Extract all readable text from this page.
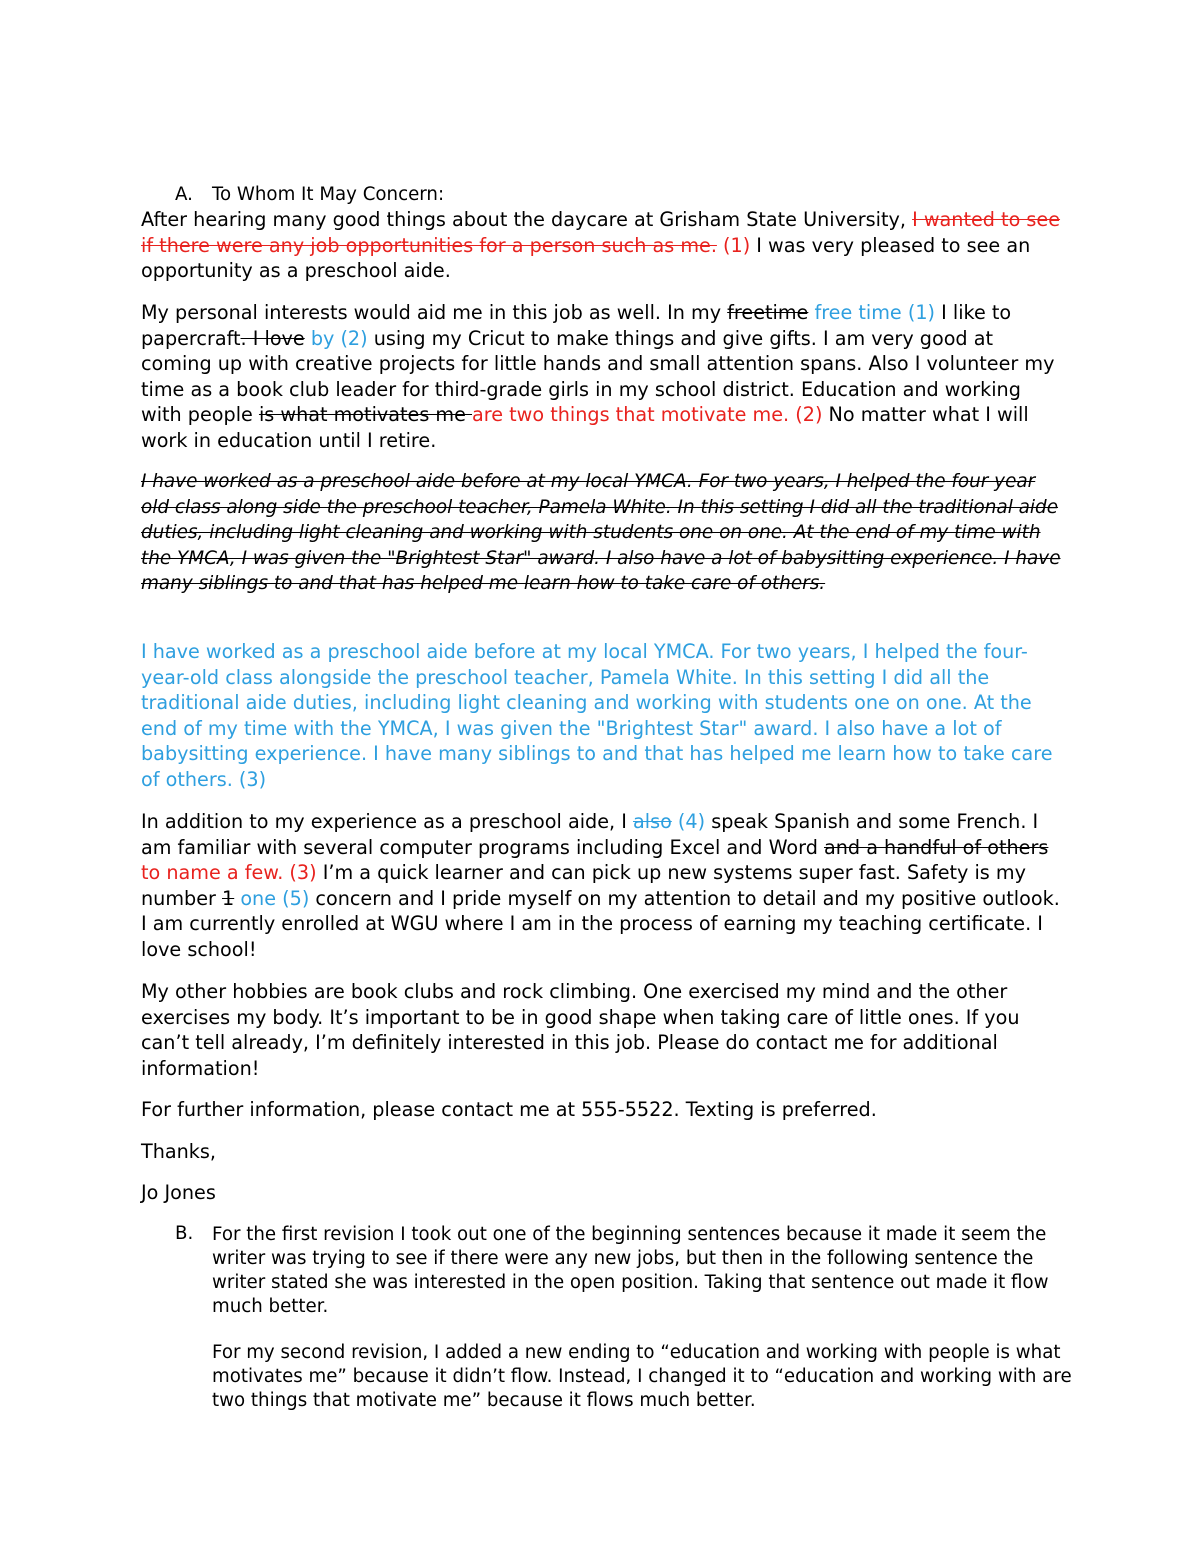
A. To Whom It May Concern:
After hearing many good things about the daycare at Grisham State University, I wanted to see if there were any job opportunities for a person such as me. (1) I was very pleased to see an opportunity as a preschool aide.
My personal interests would aid me in this job as well. In my freetime free time (1) I like to papercraft. I love by (2) using my Cricut to make things and give gifts. I am very good at coming up with creative projects for little hands and small attention spans. Also I volunteer my time as a book club leader for third-grade girls in my school district. Education and working with people is what motivates me are two things that motivate me. (2) No matter what I will work in education until I retire.
I have worked as a preschool aide before at my local YMCA. For two years, I helped the four year old class along side the preschool teacher, Pamela White. In this setting I did all the traditional aide duties, including light cleaning and working with students one on one. At the end of my time with the YMCA, I was given the "Brightest Star" award. I also have a lot of babysitting experience. I have many siblings to and that has helped me learn how to take care of others.
I have worked as a preschool aide before at my local YMCA. For two years, I helped the four-year-old class alongside the preschool teacher, Pamela White. In this setting I did all the traditional aide duties, including light cleaning and working with students one on one. At the end of my time with the YMCA, I was given the "Brightest Star" award. I also have a lot of babysitting experience. I have many siblings to and that has helped me learn how to take care of others. (3)
In addition to my experience as a preschool aide, I also (4) speak Spanish and some French. I am familiar with several computer programs including Excel and Word and a handful of others to name a few. (3) I’m a quick learner and can pick up new systems super fast. Safety is my number 1 one (5) concern and I pride myself on my attention to detail and my positive outlook. I am currently enrolled at WGU where I am in the process of earning my teaching certificate. I love school!
My other hobbies are book clubs and rock climbing. One exercised my mind and the other exercises my body. It’s important to be in good shape when taking care of little ones. If you can’t tell already, I’m definitely interested in this job. Please do contact me for additional information!
For further information, please contact me at 555-5522. Texting is preferred.
Thanks,
Jo Jones
B. For the first revision I took out one of the beginning sentences because it made it seem the writer was trying to see if there were any new jobs, but then in the following sentence the writer stated she was interested in the open position. Taking that sentence out made it flow much better.
For my second revision, I added a new ending to “education and working with people is what motivates me” because it didn’t flow. Instead, I changed it to “education and working with are two things that motivate me” because it flows much better.
